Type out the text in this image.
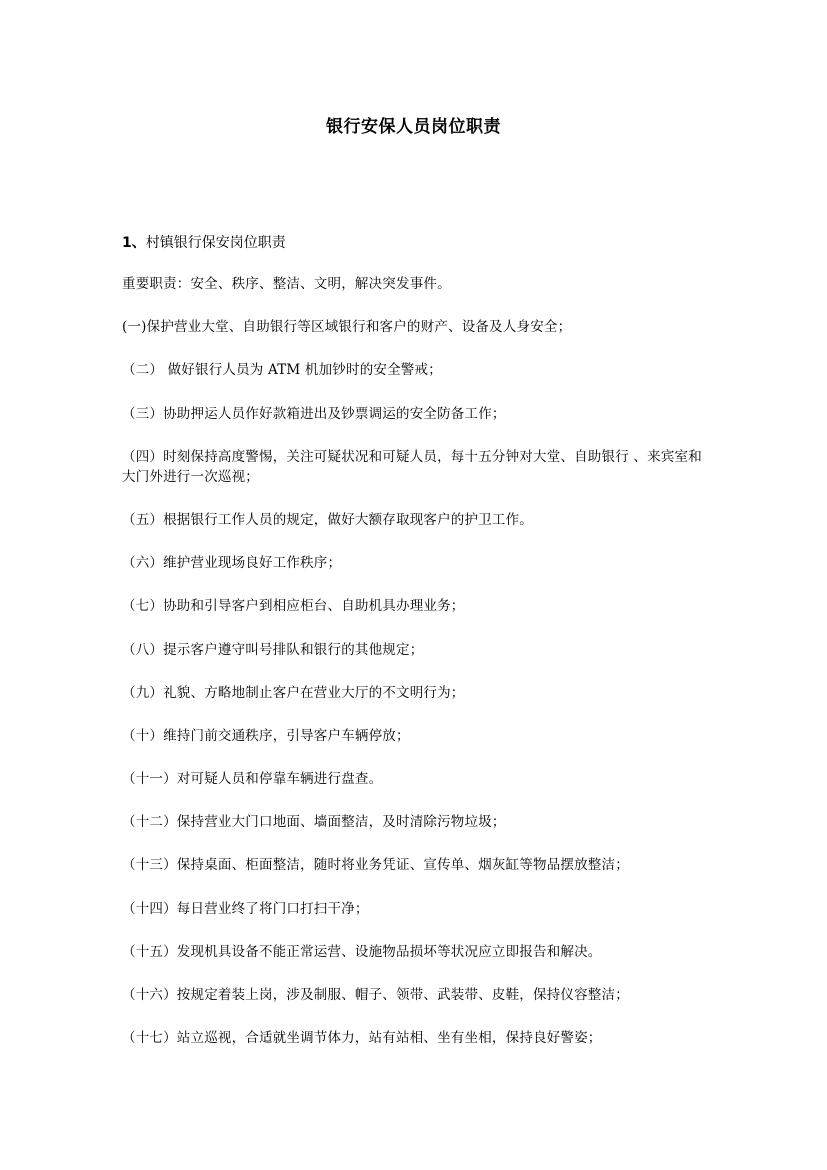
银行安保人员岗位职责
1、村镇银行保安岗位职责

重要职责：安全、秩序、整洁、文明，解决突发事件。

(一)保护营业大堂、自助银行等区域银行和客户的财产、设备及人身安全；

（二） 做好银行人员为 ATM 机加钞时的安全警戒；

（三）协助押运人员作好款箱进出及钞票调运的安全防备工作；

（四）时刻保持高度警惕，关注可疑状况和可疑人员，每十五分钟对大堂、自助银行 、来宾室和大门外进行一次巡视；

（五）根据银行工作人员的规定，做好大额存取现客户的护卫工作。

（六）维护营业现场良好工作秩序；

（七）协助和引导客户到相应柜台、自助机具办理业务；

（八）提示客户遵守叫号排队和银行的其他规定；

（九）礼貌、方略地制止客户在营业大厅的不文明行为；

（十）维持门前交通秩序，引导客户车辆停放；

（十一）对可疑人员和停靠车辆进行盘查。

（十二）保持营业大门口地面、墙面整洁，及时清除污物垃圾；

（十三）保持桌面、柜面整洁，随时将业务凭证、宣传单、烟灰缸等物品摆放整洁；

（十四）每日营业终了将门口打扫干净；

（十五）发现机具设备不能正常运营、设施物品损坏等状况应立即报告和解决。

（十六）按规定着装上岗，涉及制服、帽子、领带、武装带、皮鞋，保持仪容整洁；

（十七）站立巡视，合适就坐调节体力，站有站相、坐有坐相，保持良好警姿；
